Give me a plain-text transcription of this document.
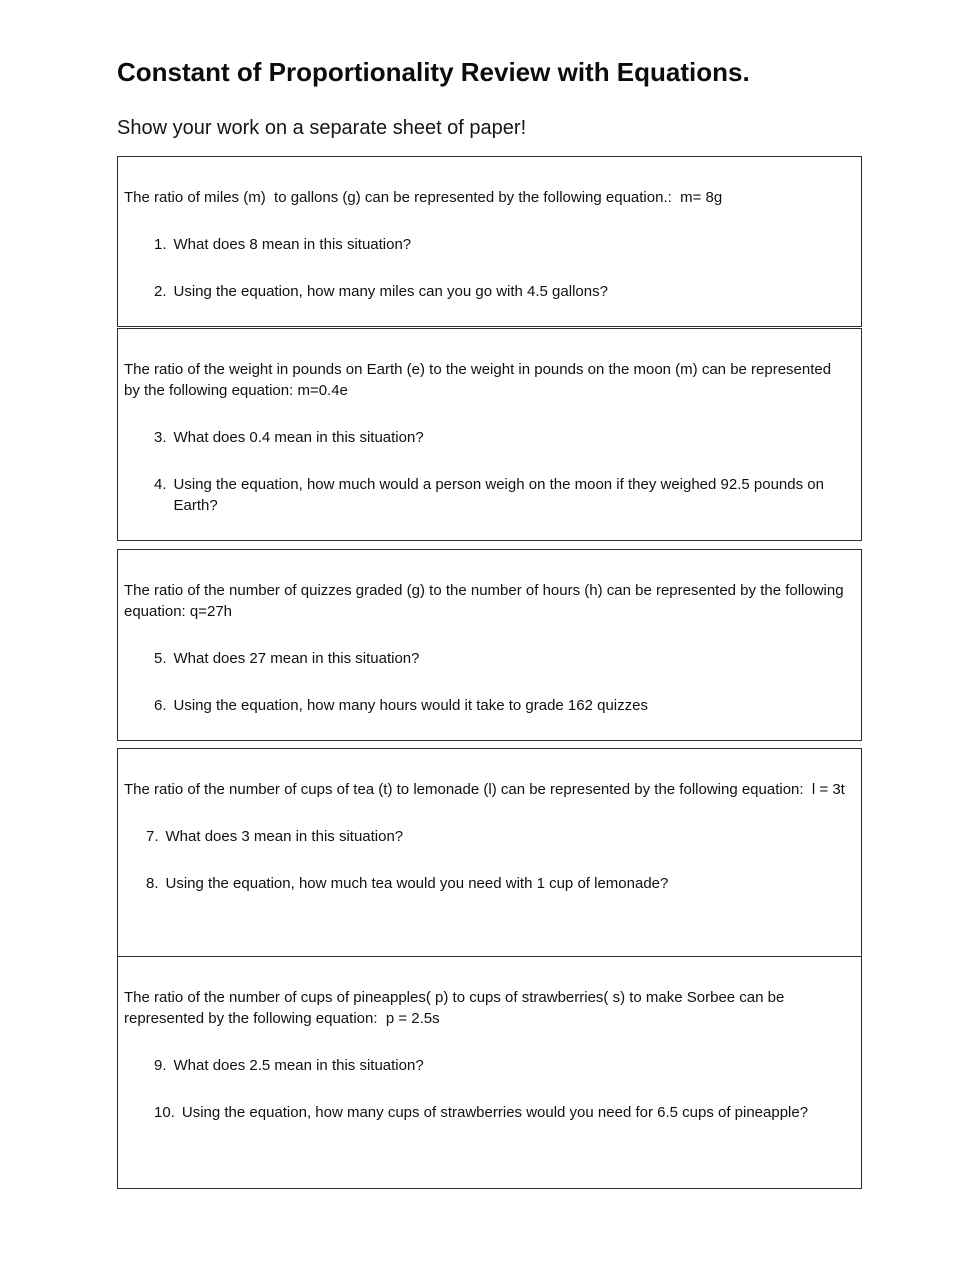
Constant of Proportionality Review with Equations.

Show your work on a separate sheet of paper!

The ratio of miles (m)  to gallons (g) can be represented by the following equation.:  m= 8g
1. What does 8 mean in this situation?
2. Using the equation, how many miles can you go with 4.5 gallons?
The ratio of the weight in pounds on Earth (e) to the weight in pounds on the moon (m) can be represented by the following equation: m=0.4e
3. What does 0.4 mean in this situation?
4. Using the equation, how much would a person weigh on the moon if they weighed 92.5 pounds on Earth?
The ratio of the number of quizzes graded (g) to the number of hours (h) can be represented by the following equation: q=27h
5. What does 27 mean in this situation?
6. Using the equation, how many hours would it take to grade 162 quizzes
The ratio of the number of cups of tea (t) to lemonade (l) can be represented by the following equation:  l = 3t
7. What does 3 mean in this situation?
8. Using the equation, how much tea would you need with 1 cup of lemonade?
The ratio of the number of cups of pineapples( p) to cups of strawberries( s) to make Sorbee can be represented by the following equation:  p = 2.5s
9. What does 2.5 mean in this situation?
10. Using the equation, how many cups of strawberries would you need for 6.5 cups of pineapple?
